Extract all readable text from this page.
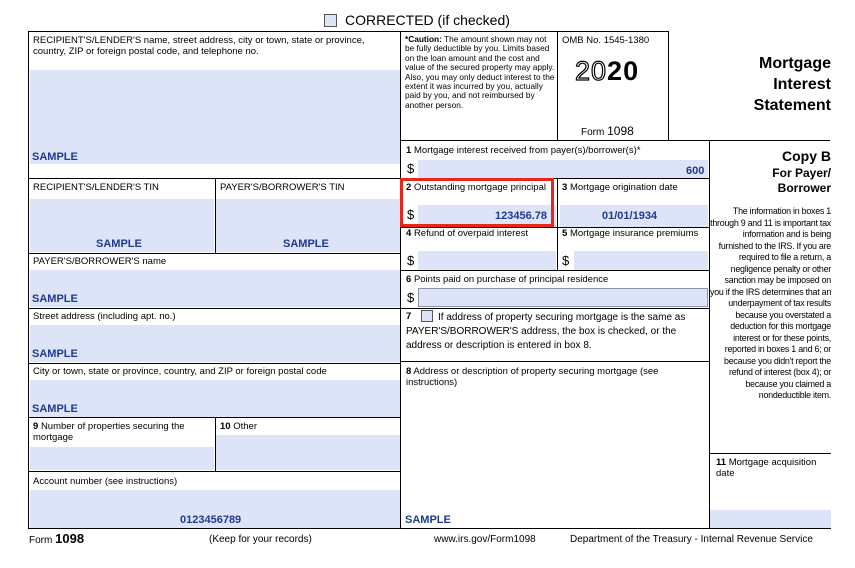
CORRECTED (if checked)
RECIPIENT'S/LENDER'S name, street address, city or town, state or province, country, ZIP or foreign postal code, and telephone no.
SAMPLE
RECIPIENT'S/LENDER'S TIN
SAMPLE
PAYER'S/BORROWER'S TIN
SAMPLE
PAYER'S/BORROWER'S name
SAMPLE
Street address (including apt. no.)
SAMPLE
City or town, state or province, country, and ZIP or foreign postal code
SAMPLE
9 Number of properties securing the mortgage
10 Other
Account number (see instructions)
0123456789
*Caution: The amount shown may not be fully deductible by you. Limits based on the loan amount and the cost and value of the secured property may apply. Also, you may only deduct interest to the extent it was incurred by you, actually paid by you, and not reimbursed by another person.
OMB No. 1545-1380
2020
Form 1098
Mortgage
Interest
Statement
1 Mortgage interest received from payer(s)/borrower(s)*
$	600
2 Outstanding mortgage principal
$	123456.78
3 Mortgage origination date
01/01/1934
4 Refund of overpaid interest
$
5 Mortgage insurance premiums
$
6 Points paid on purchase of principal residence
$
7	If address of property securing mortgage is the same as PAYER'S/BORROWER'S address, the box is checked, or the address or description is entered in box 8.
8 Address or description of property securing mortgage (see instructions)
SAMPLE
Copy B
For Payer/
Borrower
The information in boxes 1 through 9 and 11 is important tax information and is being furnished to the IRS. If you are required to file a return, a negligence penalty or other sanction may be imposed on you if the IRS determines that an underpayment of tax results because you overstated a deduction for this mortgage interest or for these points, reported in boxes 1 and 6; or because you didn't report the refund of interest (box 4); or because you claimed a nondeductible item.
11 Mortgage acquisition date
Form 1098	(Keep for your records)	www.irs.gov/Form1098	Department of the Treasury - Internal Revenue Service
